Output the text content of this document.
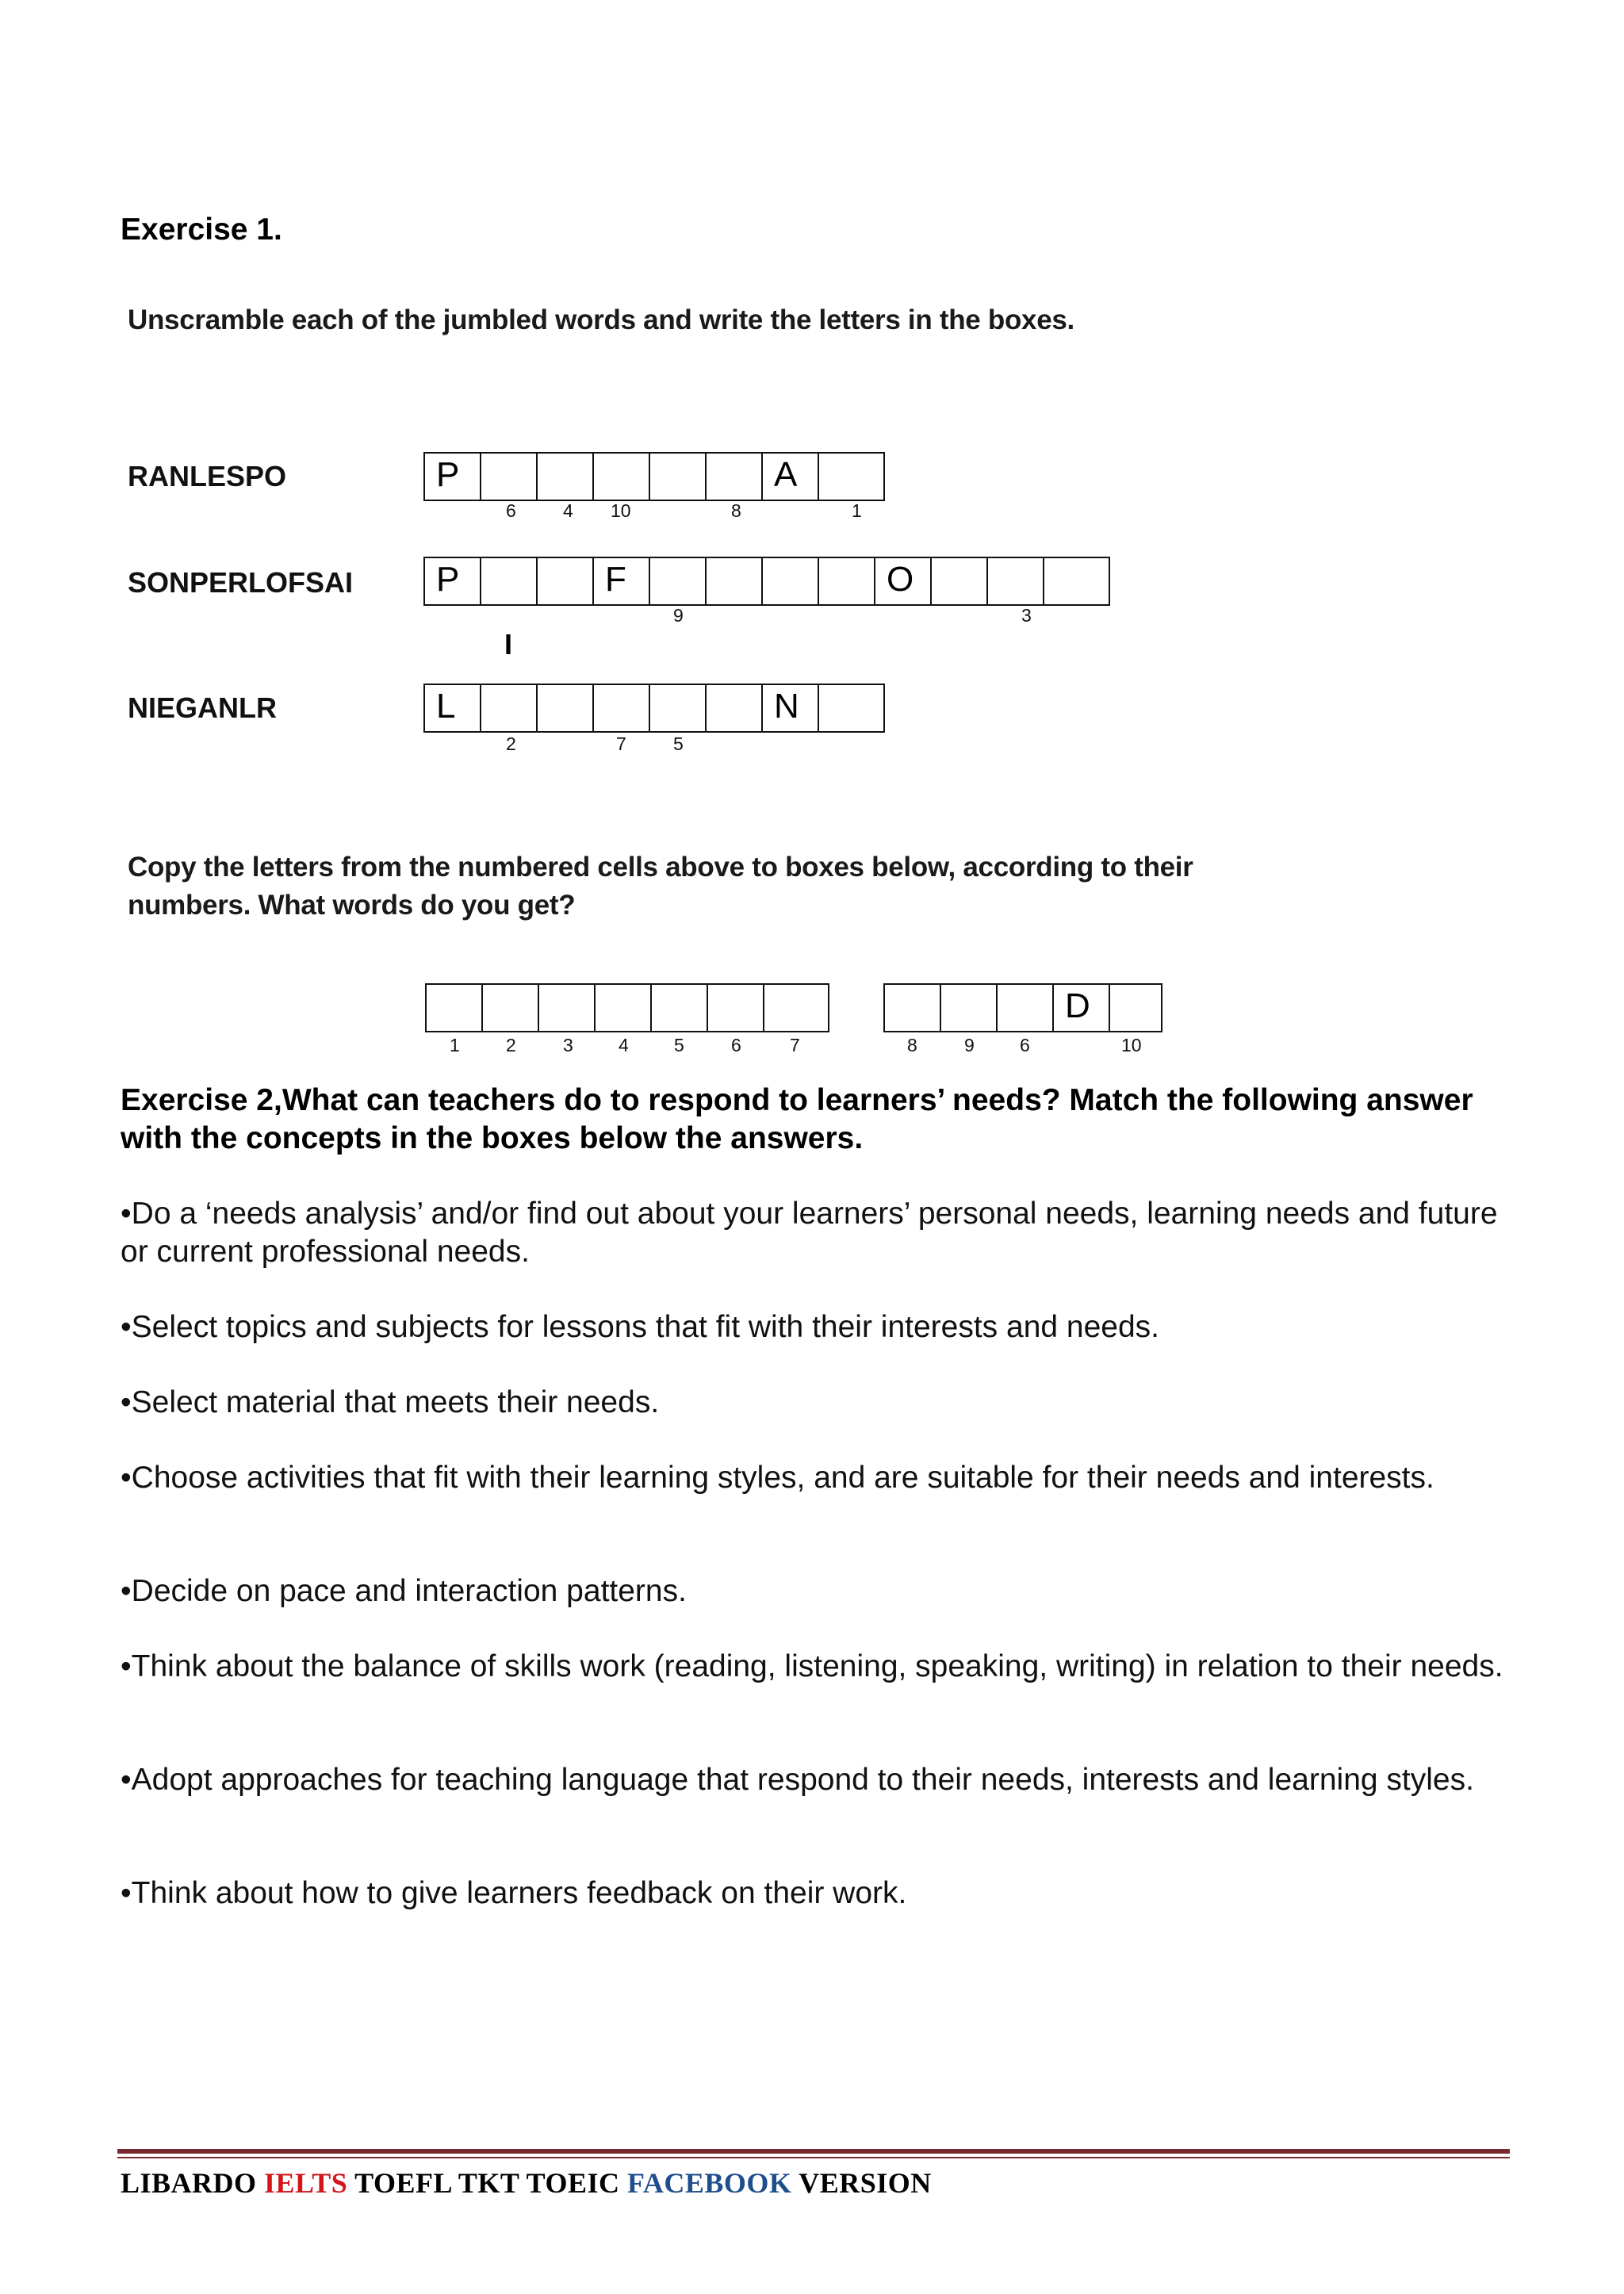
Exercise 1.
Unscramble each of the jumbled words and write the letters in the boxes.
RANLESPO	P	A
6	4 10	8	1
SONPERLOFSAI	P	F	O
9	3
I
NIEGANLR	L	N
2	7	5
Copy the letters from the numbered cells above to boxes below, according to their
numbers. What words do you get?
1	2	3 4 5	6	7
D
8	9 6	10
Exercise 2,What can teachers do to respond to learners’ needs? Match the following answer with the concepts in the boxes below the answers.
•Do a ‘needs analysis’ and/or find out about your learners’ personal needs, learning needs and future or current professional needs.
•Select topics and subjects for lessons that fit with their interests and needs.
•Select material that meets their needs.
•Choose activities that fit with their learning styles, and are suitable for their needs and interests.
•Decide on pace and interaction patterns.
•Think about the balance of skills work (reading, listening, speaking, writing) in relation to their needs.
•Adopt approaches for teaching language that respond to their needs, interests and learning styles.
•Think about how to give learners feedback on their work.
LIBARDO IELTS TOEFL TKT TOEIC FACEBOOK VERSION
